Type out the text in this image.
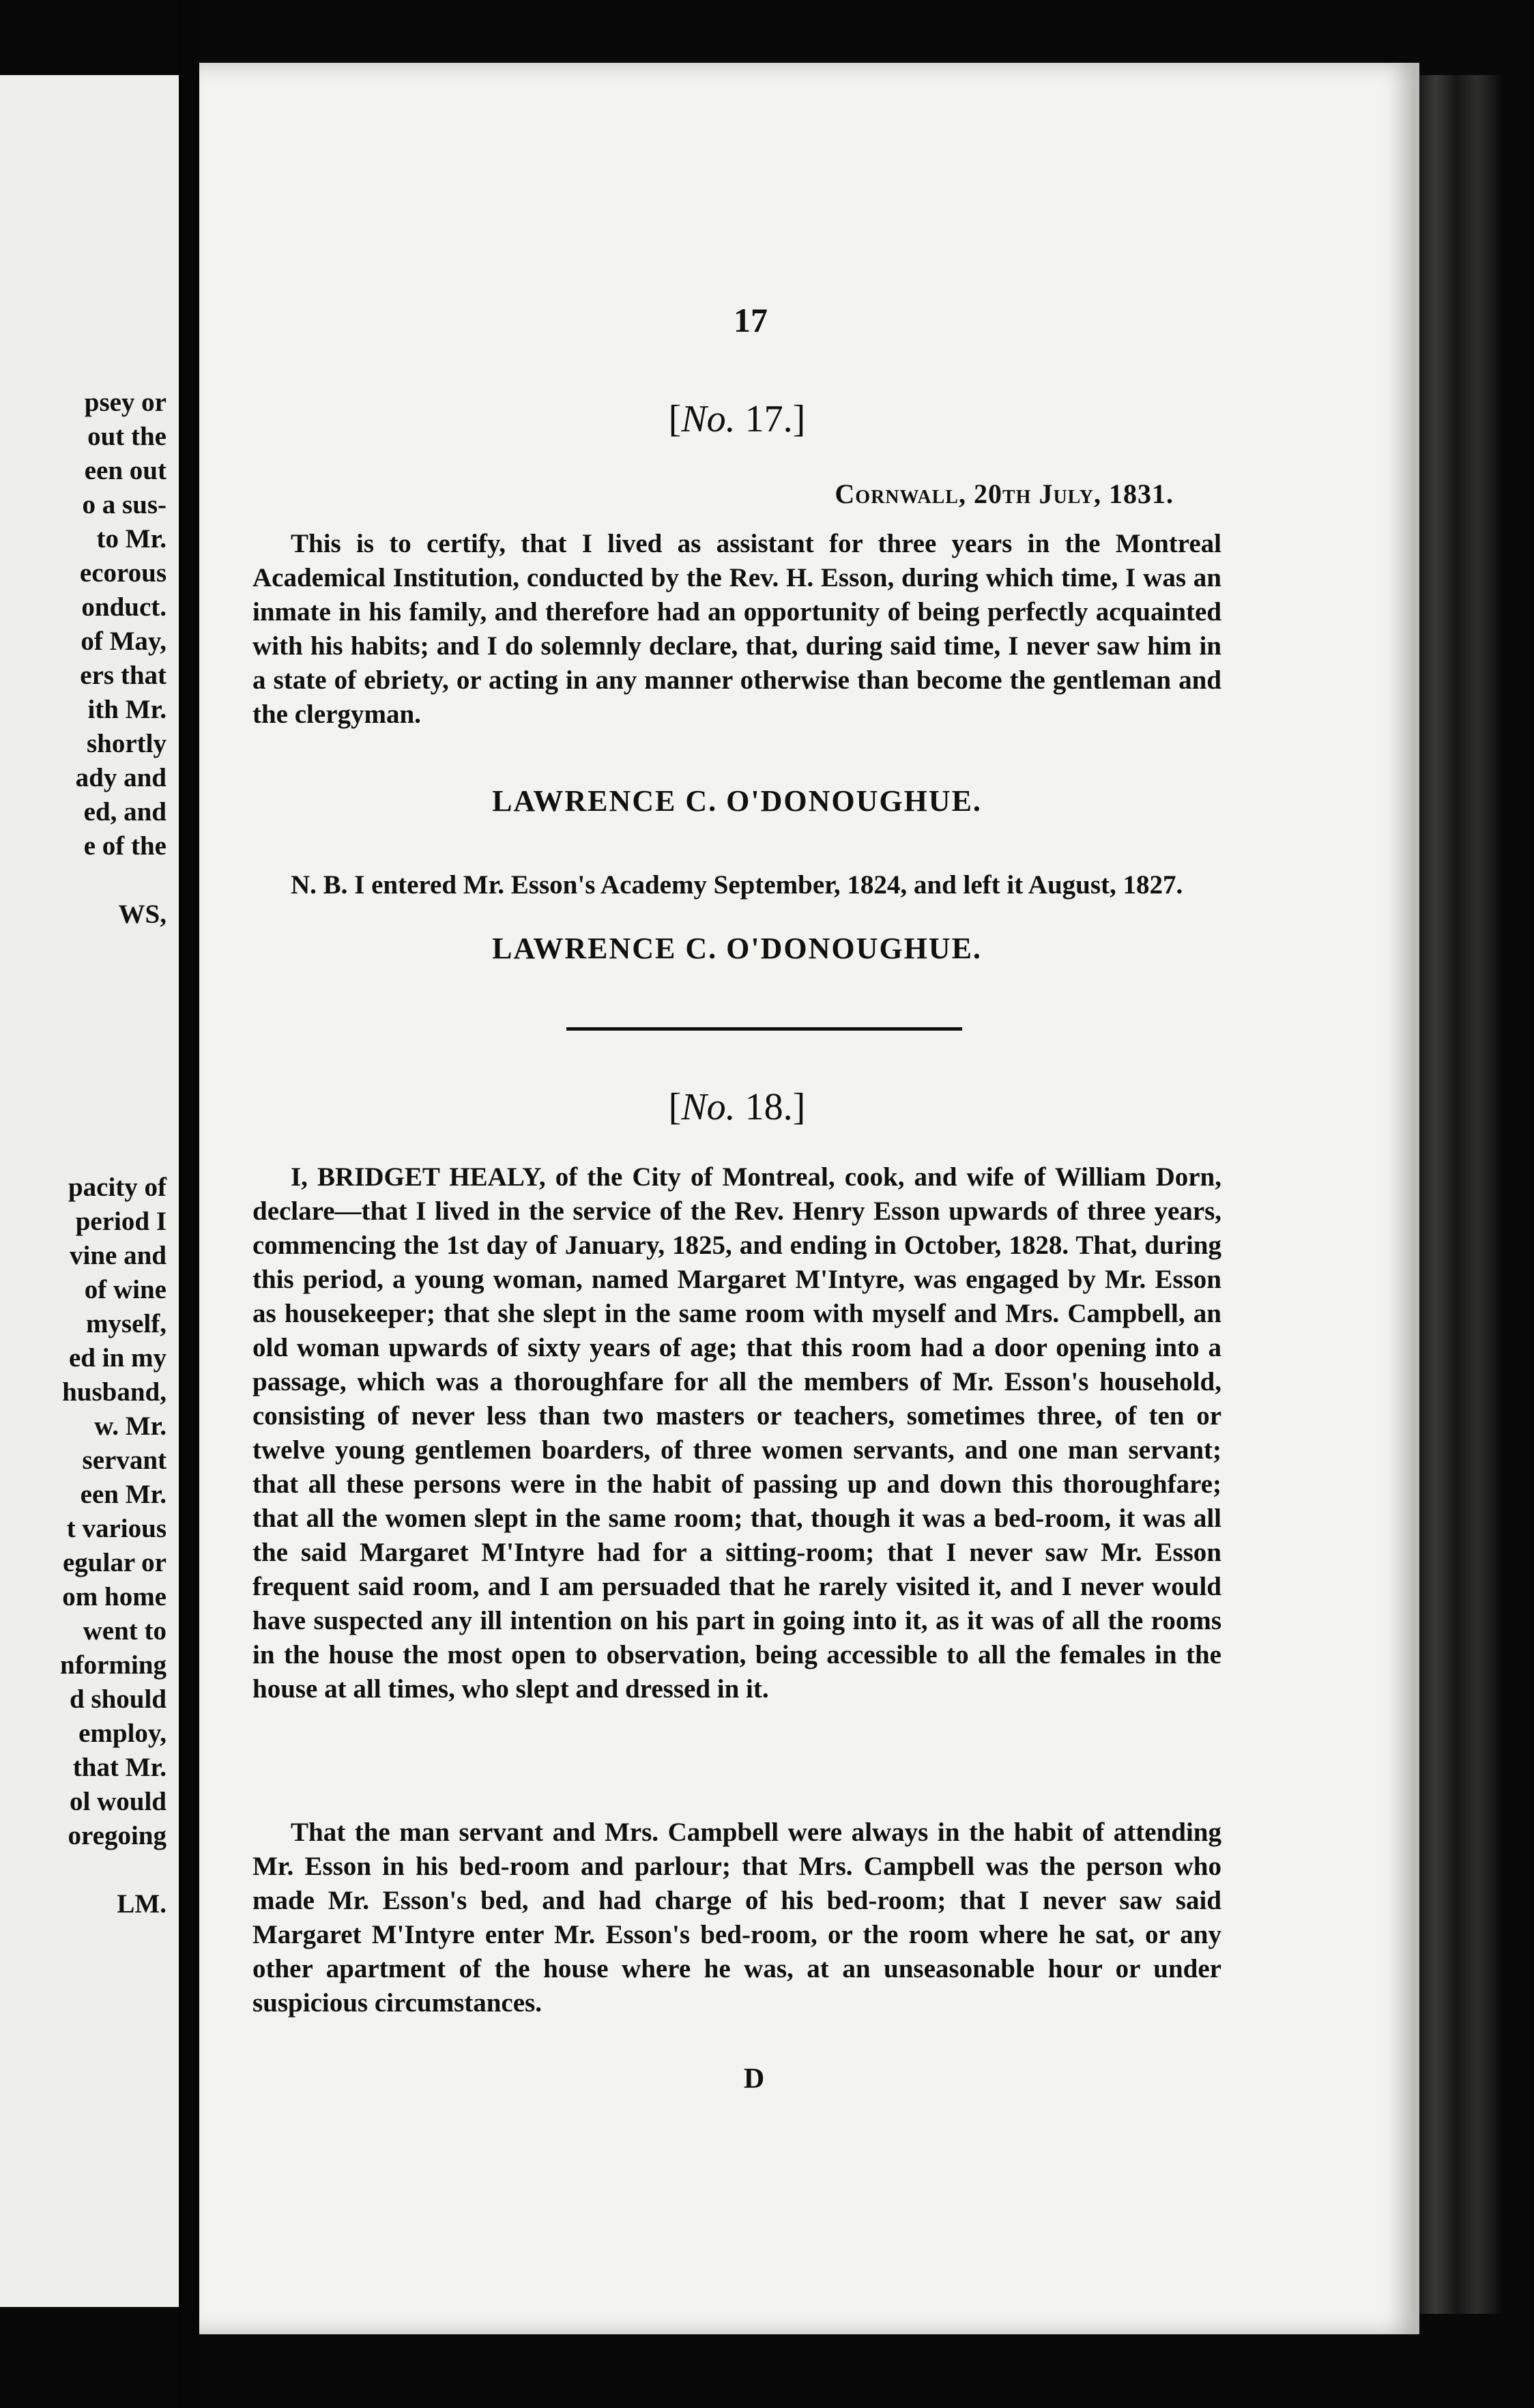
psey or
out the
een out
o a sus-
to Mr.
ecorous
onduct.
of May,
ers that
ith Mr.
shortly
ady and
ed, and
e of the
WS,
pacity of
period I
vine and
of wine
myself,
ed in my
husband,
w. Mr.
servant
een Mr.
t various
egular or
om home
went to
nforming
d should
employ,
that Mr.
ol would
oregoing
LM.
17
[No. 17.]
Cornwall, 20th July, 1831.
This is to certify, that I lived as assistant for three years in the Montreal Academical Institution, conducted by the Rev. H. Esson, during which time, I was an inmate in his family, and therefore had an opportunity of being perfectly acquainted with his habits; and I do solemnly declare, that, during said time, I never saw him in a state of ebriety, or acting in any manner otherwise than become the gentleman and the clergyman.
LAWRENCE C. O'DONOUGHUE.
N. B. I entered Mr. Esson's Academy September, 1824, and left it August, 1827.
LAWRENCE C. O'DONOUGHUE.
[No. 18.]
I, BRIDGET HEALY, of the City of Montreal, cook, and wife of William Dorn, declare—that I lived in the service of the Rev. Henry Esson upwards of three years, commencing the 1st day of January, 1825, and ending in October, 1828. That, during this period, a young woman, named Margaret M'Intyre, was engaged by Mr. Esson as housekeeper; that she slept in the same room with myself and Mrs. Campbell, an old woman upwards of sixty years of age; that this room had a door opening into a passage, which was a thoroughfare for all the members of Mr. Esson's household, consisting of never less than two masters or teachers, sometimes three, of ten or twelve young gentlemen boarders, of three women servants, and one man servant; that all these persons were in the habit of passing up and down this thoroughfare; that all the women slept in the same room; that, though it was a bed-room, it was all the said Margaret M'Intyre had for a sitting-room; that I never saw Mr. Esson frequent said room, and I am persuaded that he rarely visited it, and I never would have suspected any ill intention on his part in going into it, as it was of all the rooms in the house the most open to observation, being accessible to all the females in the house at all times, who slept and dressed in it.
That the man servant and Mrs. Campbell were always in the habit of attending Mr. Esson in his bed-room and parlour; that Mrs. Campbell was the person who made Mr. Esson's bed, and had charge of his bed-room; that I never saw said Margaret M'Intyre enter Mr. Esson's bed-room, or the room where he sat, or any other apartment of the house where he was, at an unseasonable hour or under suspicious circumstances.
D
